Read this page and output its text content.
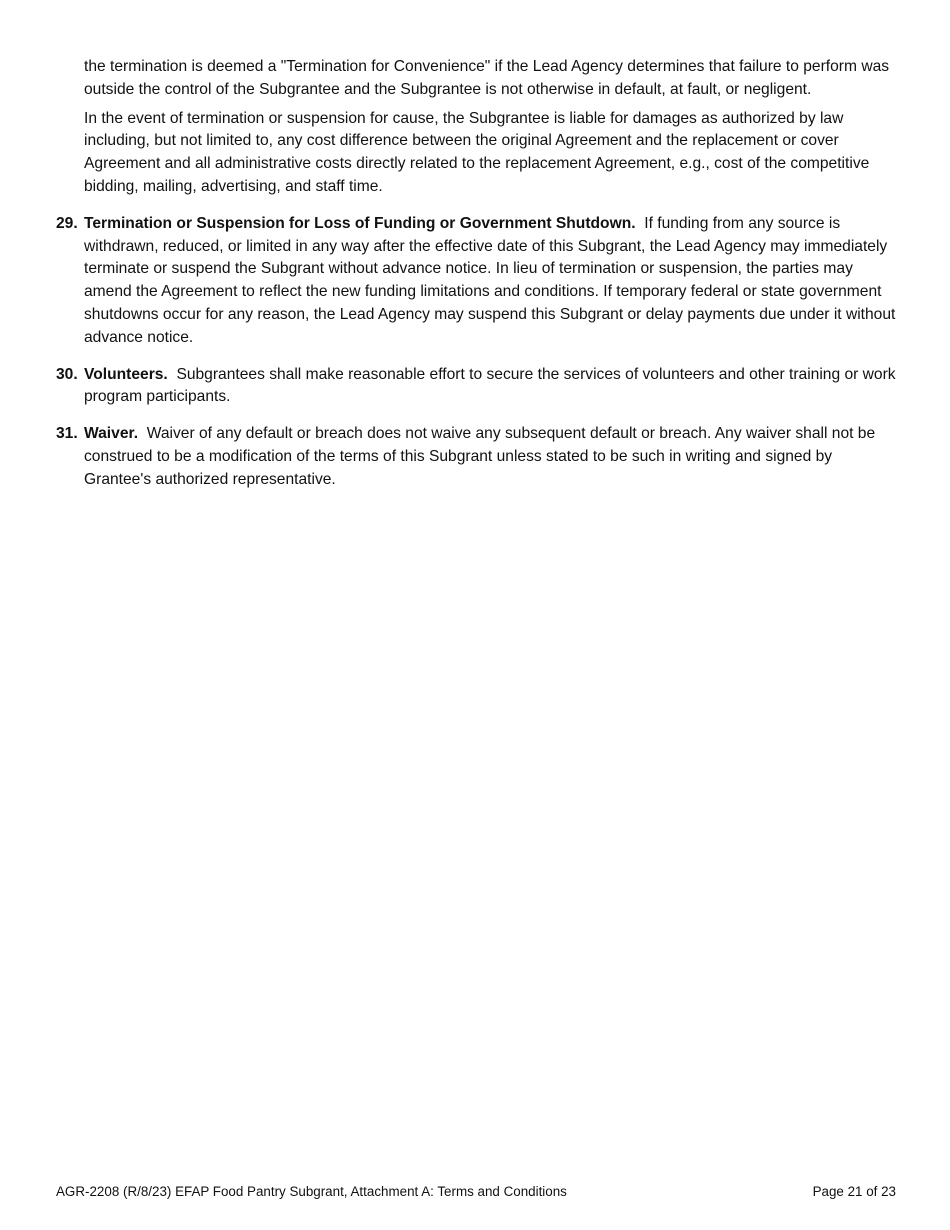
the termination is deemed a "Termination for Convenience" if the Lead Agency determines that failure to perform was outside the control of the Subgrantee and the Subgrantee is not otherwise in default, at fault, or negligent.

In the event of termination or suspension for cause, the Subgrantee is liable for damages as authorized by law including, but not limited to, any cost difference between the original Agreement and the replacement or cover Agreement and all administrative costs directly related to the replacement Agreement, e.g., cost of the competitive bidding, mailing, advertising, and staff time.

29. Termination or Suspension for Loss of Funding or Government Shutdown. If funding from any source is withdrawn, reduced, or limited in any way after the effective date of this Subgrant, the Lead Agency may immediately terminate or suspend the Subgrant without advance notice. In lieu of termination or suspension, the parties may amend the Agreement to reflect the new funding limitations and conditions. If temporary federal or state government shutdowns occur for any reason, the Lead Agency may suspend this Subgrant or delay payments due under it without advance notice.
30. Volunteers. Subgrantees shall make reasonable effort to secure the services of volunteers and other training or work program participants.
31. Waiver. Waiver of any default or breach does not waive any subsequent default or breach. Any waiver shall not be construed to be a modification of the terms of this Subgrant unless stated to be such in writing and signed by Grantee's authorized representative.
AGR-2208 (R/8/23) EFAP Food Pantry Subgrant, Attachment A: Terms and Conditions	Page 21 of 23
